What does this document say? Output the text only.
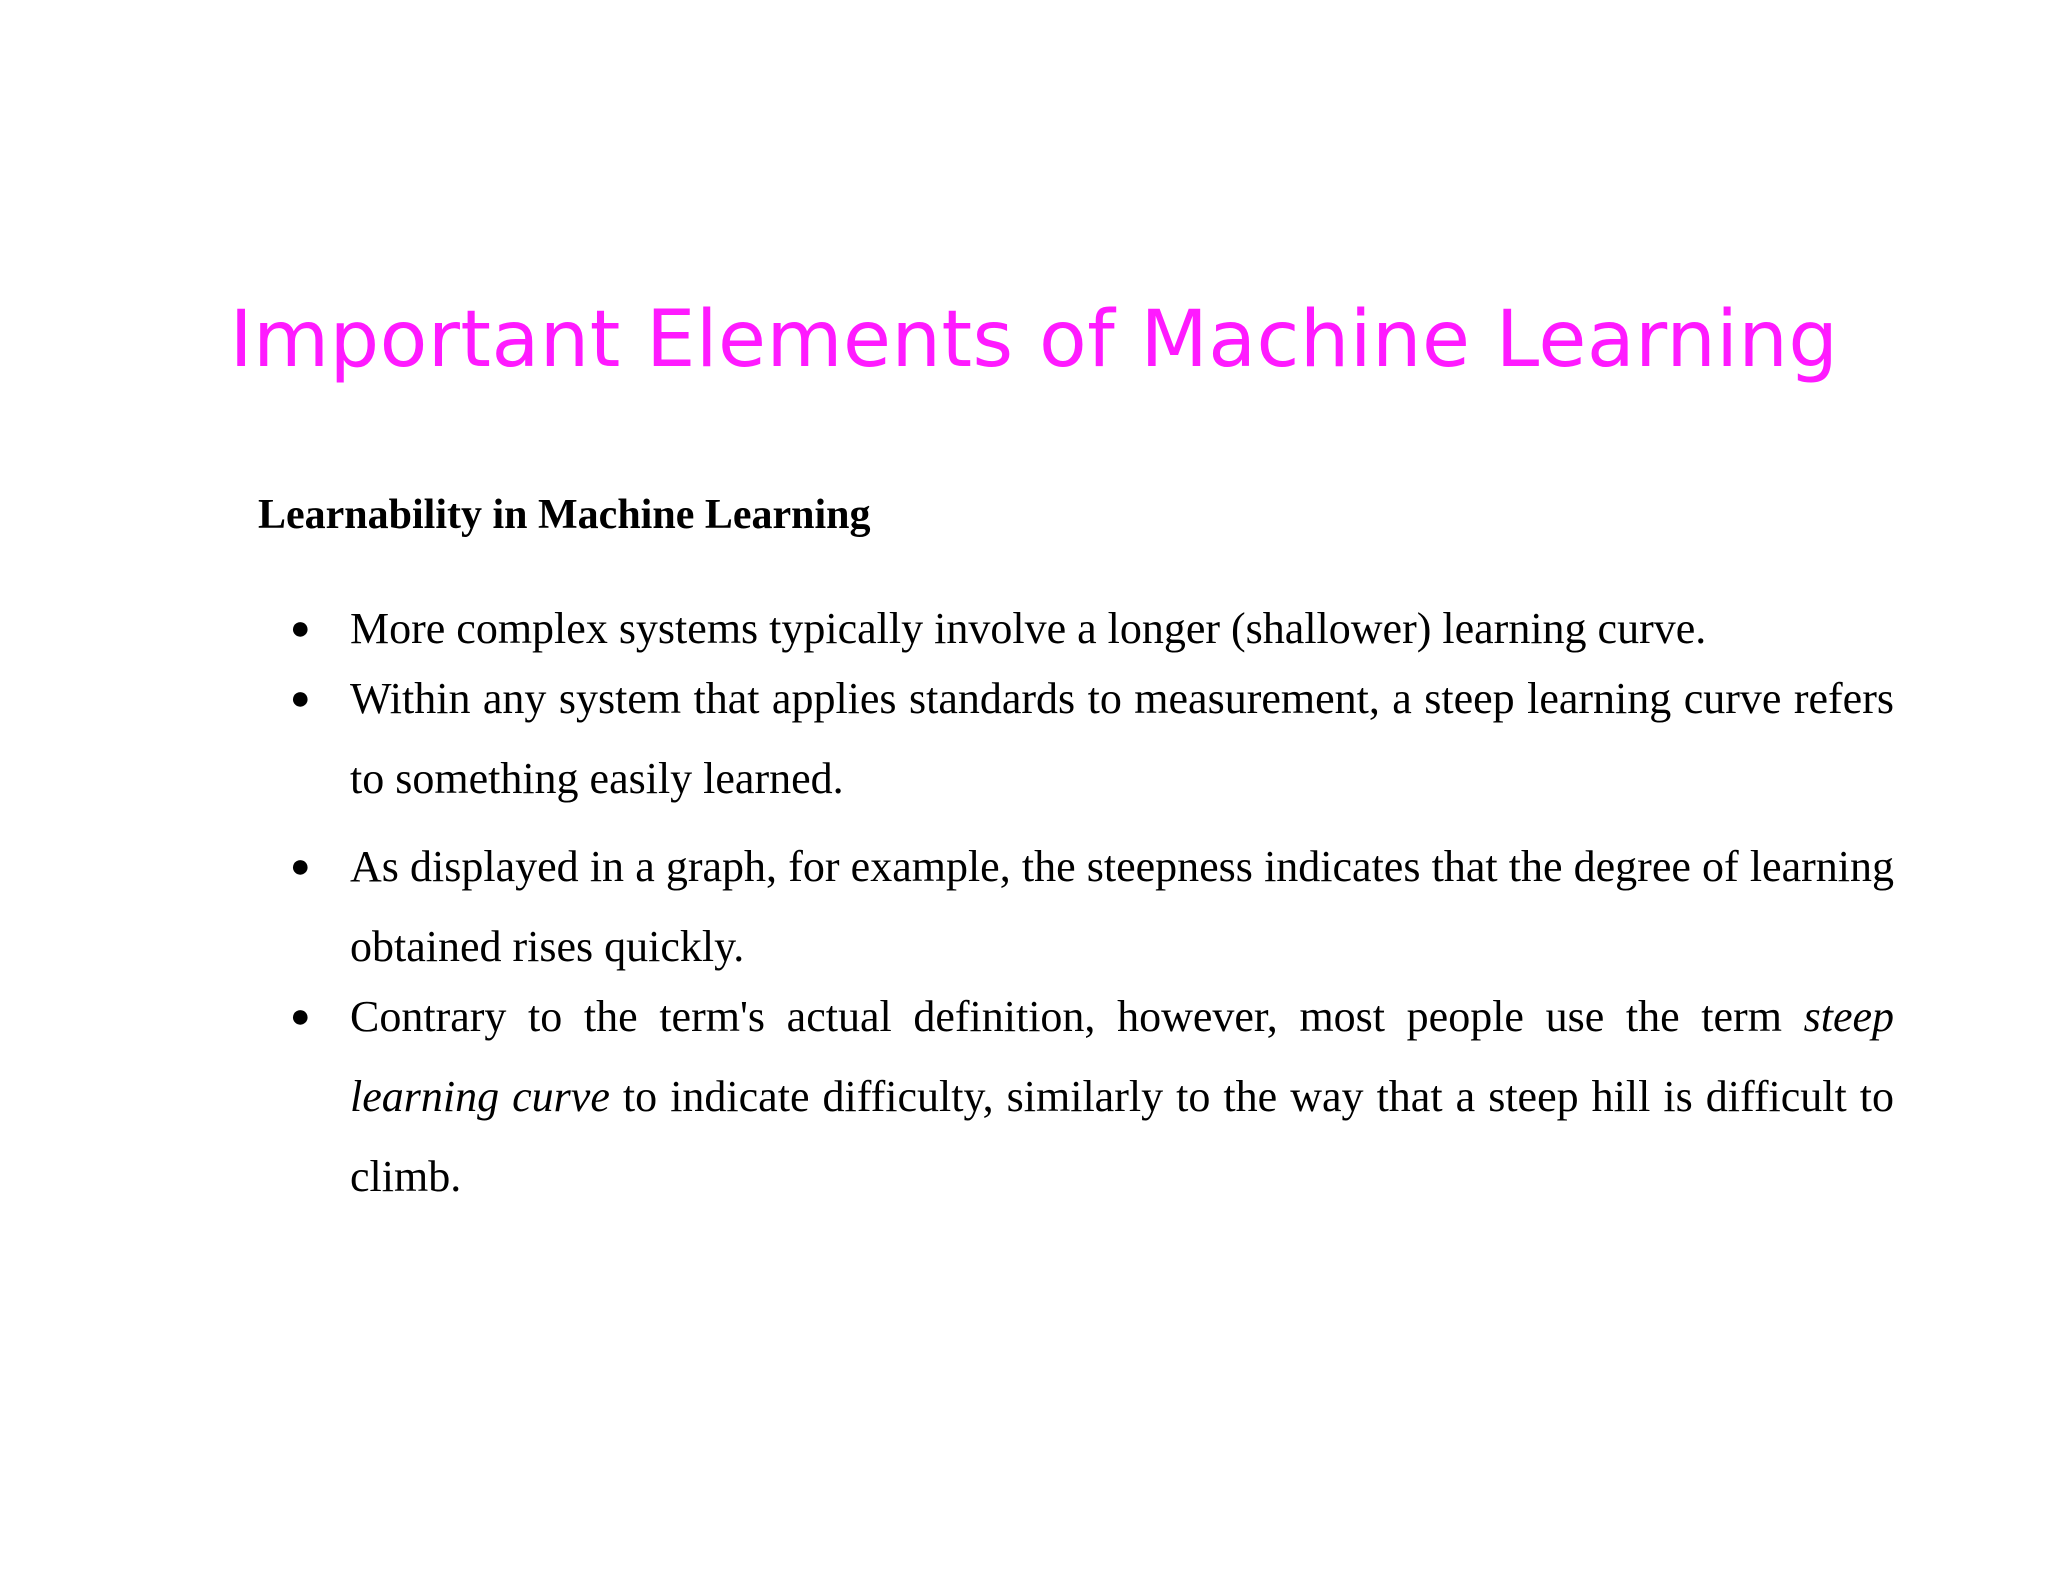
Important Elements of Machine Learning
Learnability in Machine Learning
● More complex systems typically involve a longer (shallower) learning curve.
● Within any system that applies standards to measurement, a steep learning curve refers to something easily learned.
● As displayed in a graph, for example, the steepness indicates that the degree of learning obtained rises quickly.
● Contrary to the term's actual definition, however, most people use the term steep learning curve to indicate difficulty, similarly to the way that a steep hill is difficult to climb.
